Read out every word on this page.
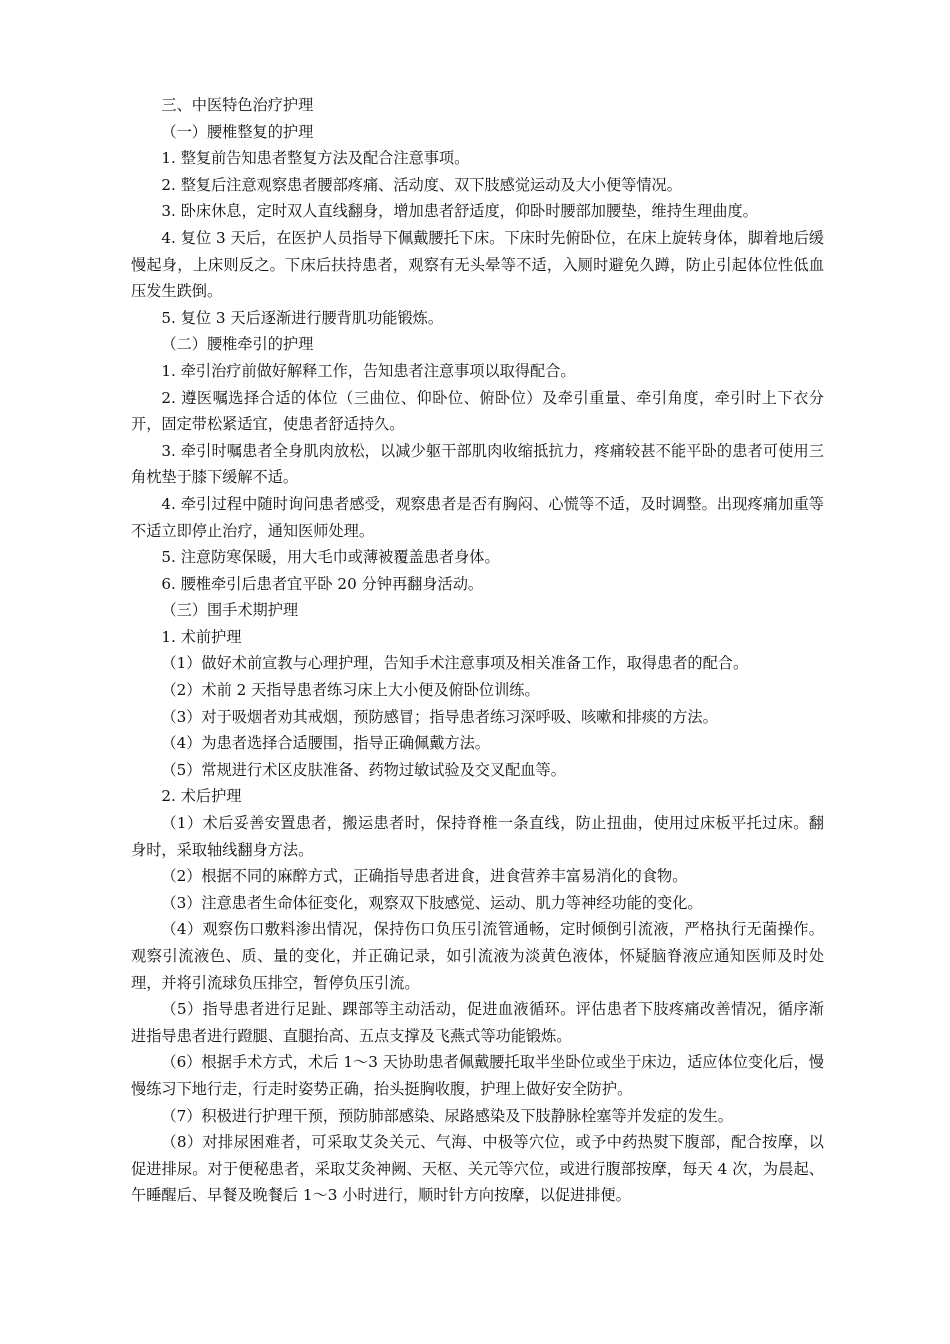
三、中医特色治疗护理

（一）腰椎整复的护理

1. 整复前告知患者整复方法及配合注意事项。

2. 整复后注意观察患者腰部疼痛、活动度、双下肢感觉运动及大小便等情况。

3. 卧床休息，定时双人直线翻身，增加患者舒适度，仰卧时腰部加腰垫，维持生理曲度。

4. 复位 3 天后，在医护人员指导下佩戴腰托下床。下床时先俯卧位，在床上旋转身体，脚着地后缓慢起身，上床则反之。下床后扶持患者，观察有无头晕等不适，入厕时避免久蹲，防止引起体位性低血压发生跌倒。

5. 复位 3 天后逐渐进行腰背肌功能锻炼。

（二）腰椎牵引的护理

1. 牵引治疗前做好解释工作，告知患者注意事项以取得配合。

2. 遵医嘱选择合适的体位（三曲位、仰卧位、俯卧位）及牵引重量、牵引角度，牵引时上下衣分开，固定带松紧适宜，使患者舒适持久。

3. 牵引时嘱患者全身肌肉放松，以减少躯干部肌肉收缩抵抗力，疼痛较甚不能平卧的患者可使用三角枕垫于膝下缓解不适。

4. 牵引过程中随时询问患者感受，观察患者是否有胸闷、心慌等不适，及时调整。出现疼痛加重等不适立即停止治疗，通知医师处理。

5. 注意防寒保暖，用大毛巾或薄被覆盖患者身体。

6. 腰椎牵引后患者宜平卧 20 分钟再翻身活动。

（三）围手术期护理

1. 术前护理

（1）做好术前宣教与心理护理，告知手术注意事项及相关准备工作，取得患者的配合。

（2）术前 2 天指导患者练习床上大小便及俯卧位训练。

（3）对于吸烟者劝其戒烟，预防感冒；指导患者练习深呼吸、咳嗽和排痰的方法。

（4）为患者选择合适腰围，指导正确佩戴方法。

（5）常规进行术区皮肤准备、药物过敏试验及交叉配血等。

2. 术后护理

（1）术后妥善安置患者，搬运患者时，保持脊椎一条直线，防止扭曲，使用过床板平托过床。翻身时，采取轴线翻身方法。

（2）根据不同的麻醉方式，正确指导患者进食，进食营养丰富易消化的食物。

（3）注意患者生命体征变化，观察双下肢感觉、运动、肌力等神经功能的变化。

（4）观察伤口敷料渗出情况，保持伤口负压引流管通畅，定时倾倒引流液，严格执行无菌操作。观察引流液色、质、量的变化，并正确记录，如引流液为淡黄色液体，怀疑脑脊液应通知医师及时处理，并将引流球负压排空，暂停负压引流。

（5）指导患者进行足趾、踝部等主动活动，促进血液循环。评估患者下肢疼痛改善情况，循序渐进指导患者进行蹬腿、直腿抬高、五点支撑及飞燕式等功能锻炼。

（6）根据手术方式，术后 1～3 天协助患者佩戴腰托取半坐卧位或坐于床边，适应体位变化后，慢慢练习下地行走，行走时姿势正确，抬头挺胸收腹，护理上做好安全防护。

（7）积极进行护理干预，预防肺部感染、尿路感染及下肢静脉栓塞等并发症的发生。

（8）对排尿困难者，可采取艾灸关元、气海、中极等穴位，或予中药热熨下腹部，配合按摩，以促进排尿。对于便秘患者，采取艾灸神阙、天枢、关元等穴位，或进行腹部按摩，每天 4 次，为晨起、午睡醒后、早餐及晚餐后 1～3 小时进行，顺时针方向按摩，以促进排便。
